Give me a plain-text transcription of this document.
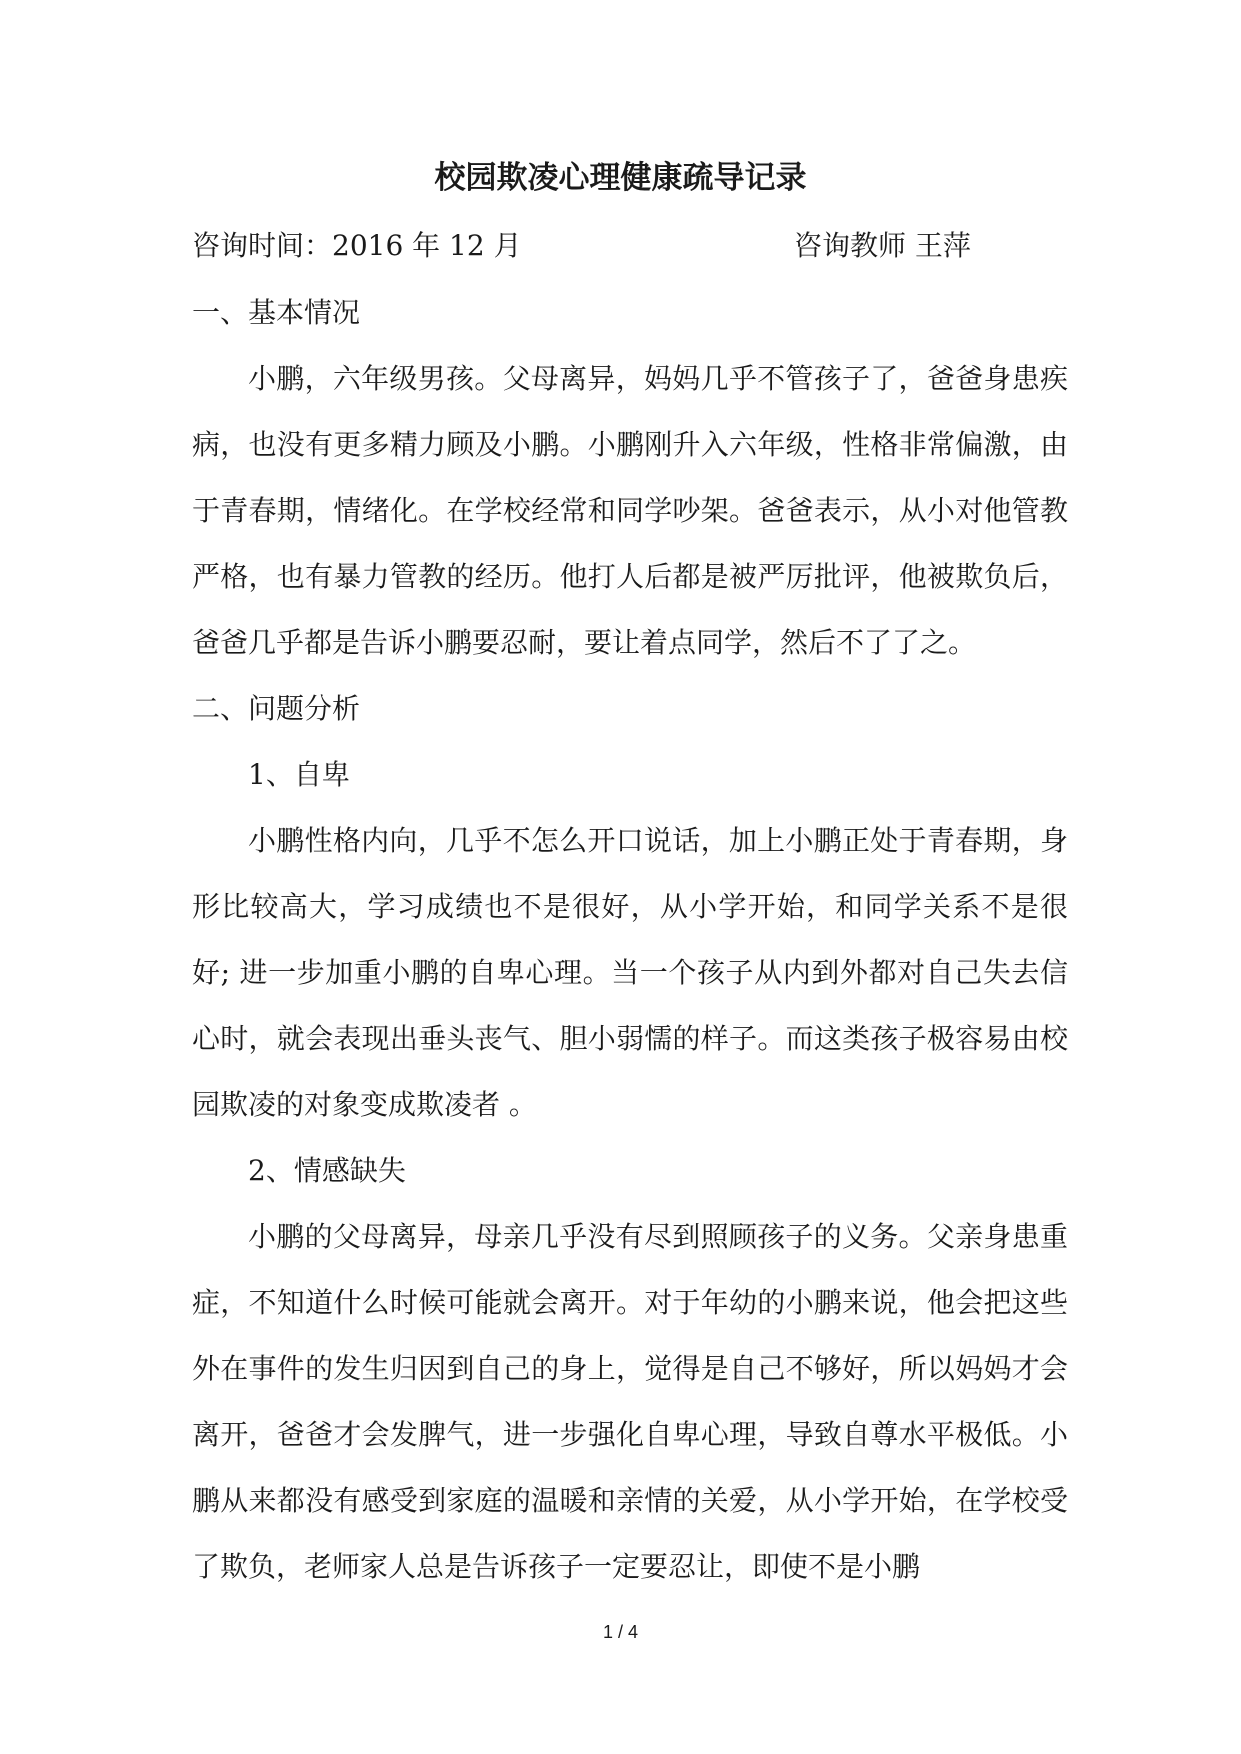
校园欺凌心理健康疏导记录
咨询时间：2016 年 12 月	咨询教师 王萍
一、基本情况

小鹏，六年级男孩。父母离异，妈妈几乎不管孩子了，爸爸身患疾病，也没有更多精力顾及小鹏。小鹏刚升入六年级，性格非常偏激，由于青春期，情绪化。在学校经常和同学吵架。爸爸表示，从小对他管教严格，也有暴力管教的经历。他打人后都是被严厉批评，他被欺负后，爸爸几乎都是告诉小鹏要忍耐，要让着点同学，然后不了了之。

二、问题分析
1、自卑

小鹏性格内向，几乎不怎么开口说话，加上小鹏正处于青春期，身形比较高大，学习成绩也不是很好，从小学开始，和同学关系不是很好; 进一步加重小鹏的自卑心理。当一个孩子从内到外都对自己失去信心时，就会表现出垂头丧气、胆小弱懦的样子。而这类孩子极容易由校园欺凌的对象变成欺凌者 。

2、情感缺失

小鹏的父母离异，母亲几乎没有尽到照顾孩子的义务。父亲身患重症，不知道什么时候可能就会离开。对于年幼的小鹏来说，他会把这些外在事件的发生归因到自己的身上，觉得是自己不够好，所以妈妈才会离开，爸爸才会发脾气，进一步强化自卑心理，导致自尊水平极低。小鹏从来都没有感受到家庭的温暖和亲情的关爱，从小学开始，在学校受了欺负，老师家人总是告诉孩子一定要忍让，即使不是小鹏

1 / 4
